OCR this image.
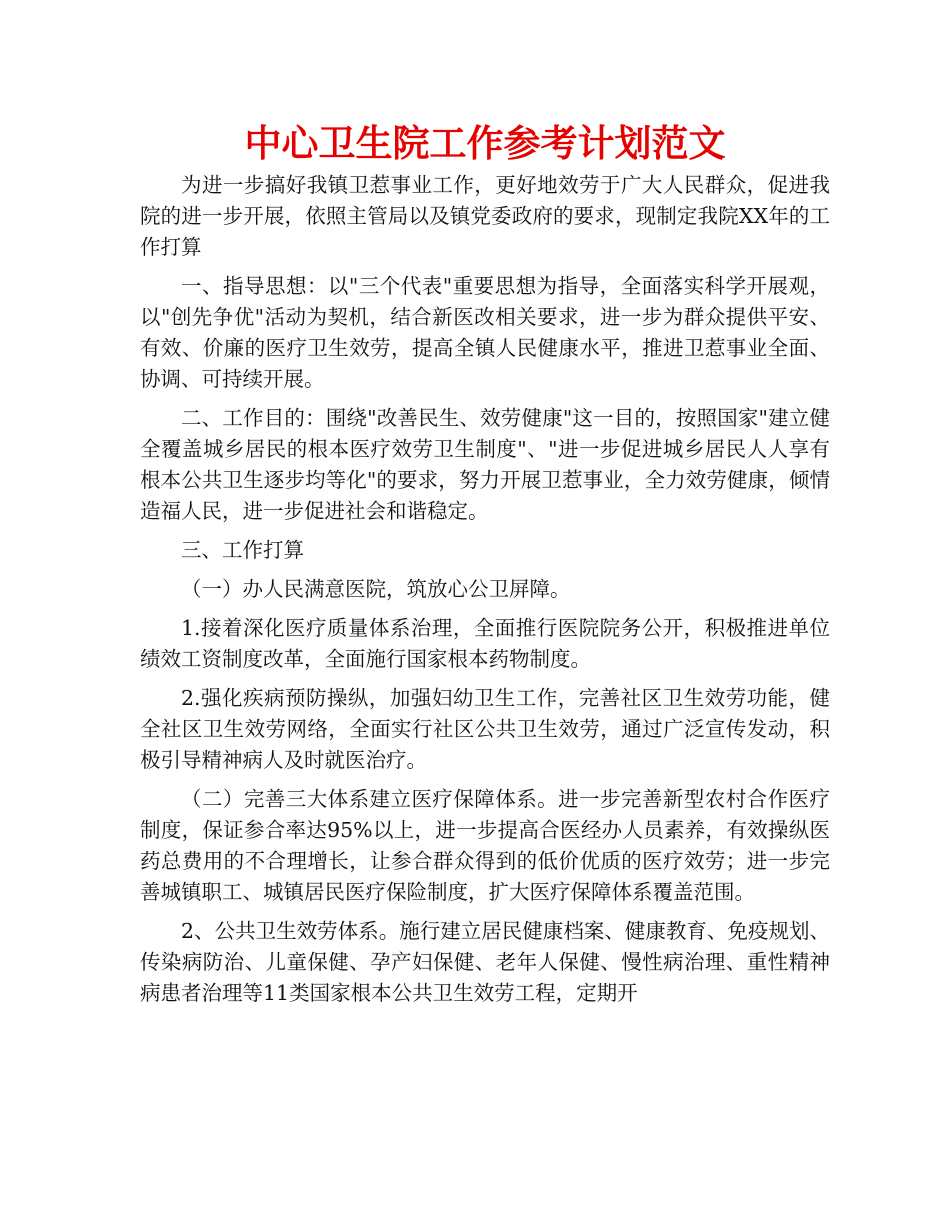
中心卫生院工作参考计划范文

为进一步搞好我镇卫惹事业工作，更好地效劳于广大人民群众，促进我院的进一步开展，依照主管局以及镇党委政府的要求，现制定我院XX年的工作打算

一、指导思想：以"三个代表"重要思想为指导，全面落实科学开展观，以"创先争优"活动为契机，结合新医改相关要求，进一步为群众提供平安、有效、价廉的医疗卫生效劳，提高全镇人民健康水平，推进卫惹事业全面、协调、可持续开展。

二、工作目的：围绕"改善民生、效劳健康"这一目的，按照国家"建立健全覆盖城乡居民的根本医疗效劳卫生制度"、"进一步促进城乡居民人人享有根本公共卫生逐步均等化"的要求，努力开展卫惹事业，全力效劳健康，倾情造福人民，进一步促进社会和谐稳定。

三、工作打算

（一）办人民满意医院，筑放心公卫屏障。

1.接着深化医疗质量体系治理，全面推行医院院务公开，积极推进单位绩效工资制度改革，全面施行国家根本药物制度。

2.强化疾病预防操纵，加强妇幼卫生工作，完善社区卫生效劳功能，健全社区卫生效劳网络，全面实行社区公共卫生效劳，通过广泛宣传发动，积极引导精神病人及时就医治疗。

（二）完善三大体系建立医疗保障体系。进一步完善新型农村合作医疗制度，保证参合率达95%以上，进一步提高合医经办人员素养，有效操纵医药总费用的不合理增长，让参合群众得到的低价优质的医疗效劳；进一步完善城镇职工、城镇居民医疗保险制度，扩大医疗保障体系覆盖范围。

2、公共卫生效劳体系。施行建立居民健康档案、健康教育、免疫规划、传染病防治、儿童保健、孕产妇保健、老年人保健、慢性病治理、重性精神病患者治理等11类国家根本公共卫生效劳工程，定期开
